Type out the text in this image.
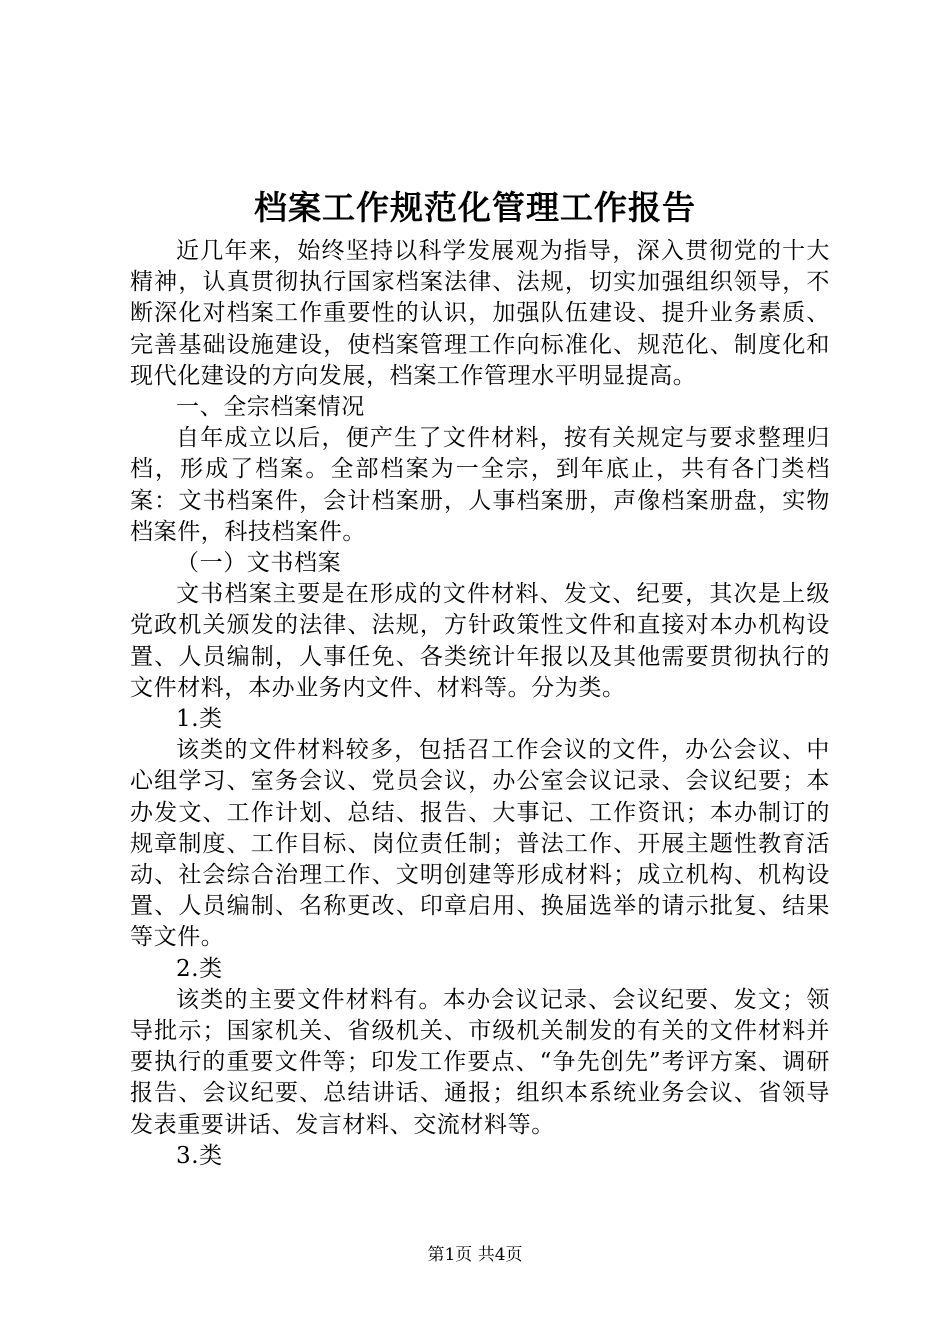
档案工作规范化管理工作报告

近几年来，始终坚持以科学发展观为指导，深入贯彻党的十大精神，认真贯彻执行国家档案法律、法规，切实加强组织领导，不断深化对档案工作重要性的认识，加强队伍建设、提升业务素质、完善基础设施建设，使档案管理工作向标准化、规范化、制度化和现代化建设的方向发展，档案工作管理水平明显提高。

一、全宗档案情况

自年成立以后，便产生了文件材料，按有关规定与要求整理归档，形成了档案。全部档案为一全宗，到年底止，共有各门类档案：文书档案件，会计档案册，人事档案册，声像档案册盘，实物档案件，科技档案件。

（一）文书档案

文书档案主要是在形成的文件材料、发文、纪要，其次是上级党政机关颁发的法律、法规，方针政策性文件和直接对本办机构设置、人员编制，人事任免、各类统计年报以及其他需要贯彻执行的文件材料，本办业务内文件、材料等。分为类。

1.类

该类的文件材料较多，包括召工作会议的文件，办公会议、中心组学习、室务会议、党员会议，办公室会议记录、会议纪要；本办发文、工作计划、总结、报告、大事记、工作资讯；本办制订的规章制度、工作目标、岗位责任制；普法工作、开展主题性教育活动、社会综合治理工作、文明创建等形成材料；成立机构、机构设置、人员编制、名称更改、印章启用、换届选举的请示批复、结果等文件。

2.类

该类的主要文件材料有。本办会议记录、会议纪要、发文；领导批示；国家机关、省级机关、市级机关制发的有关的文件材料并要执行的重要文件等；印发工作要点、“争先创先”考评方案、调研报告、会议纪要、总结讲话、通报；组织本系统业务会议、省领导发表重要讲话、发言材料、交流材料等。

3.类

第1页 共4页
